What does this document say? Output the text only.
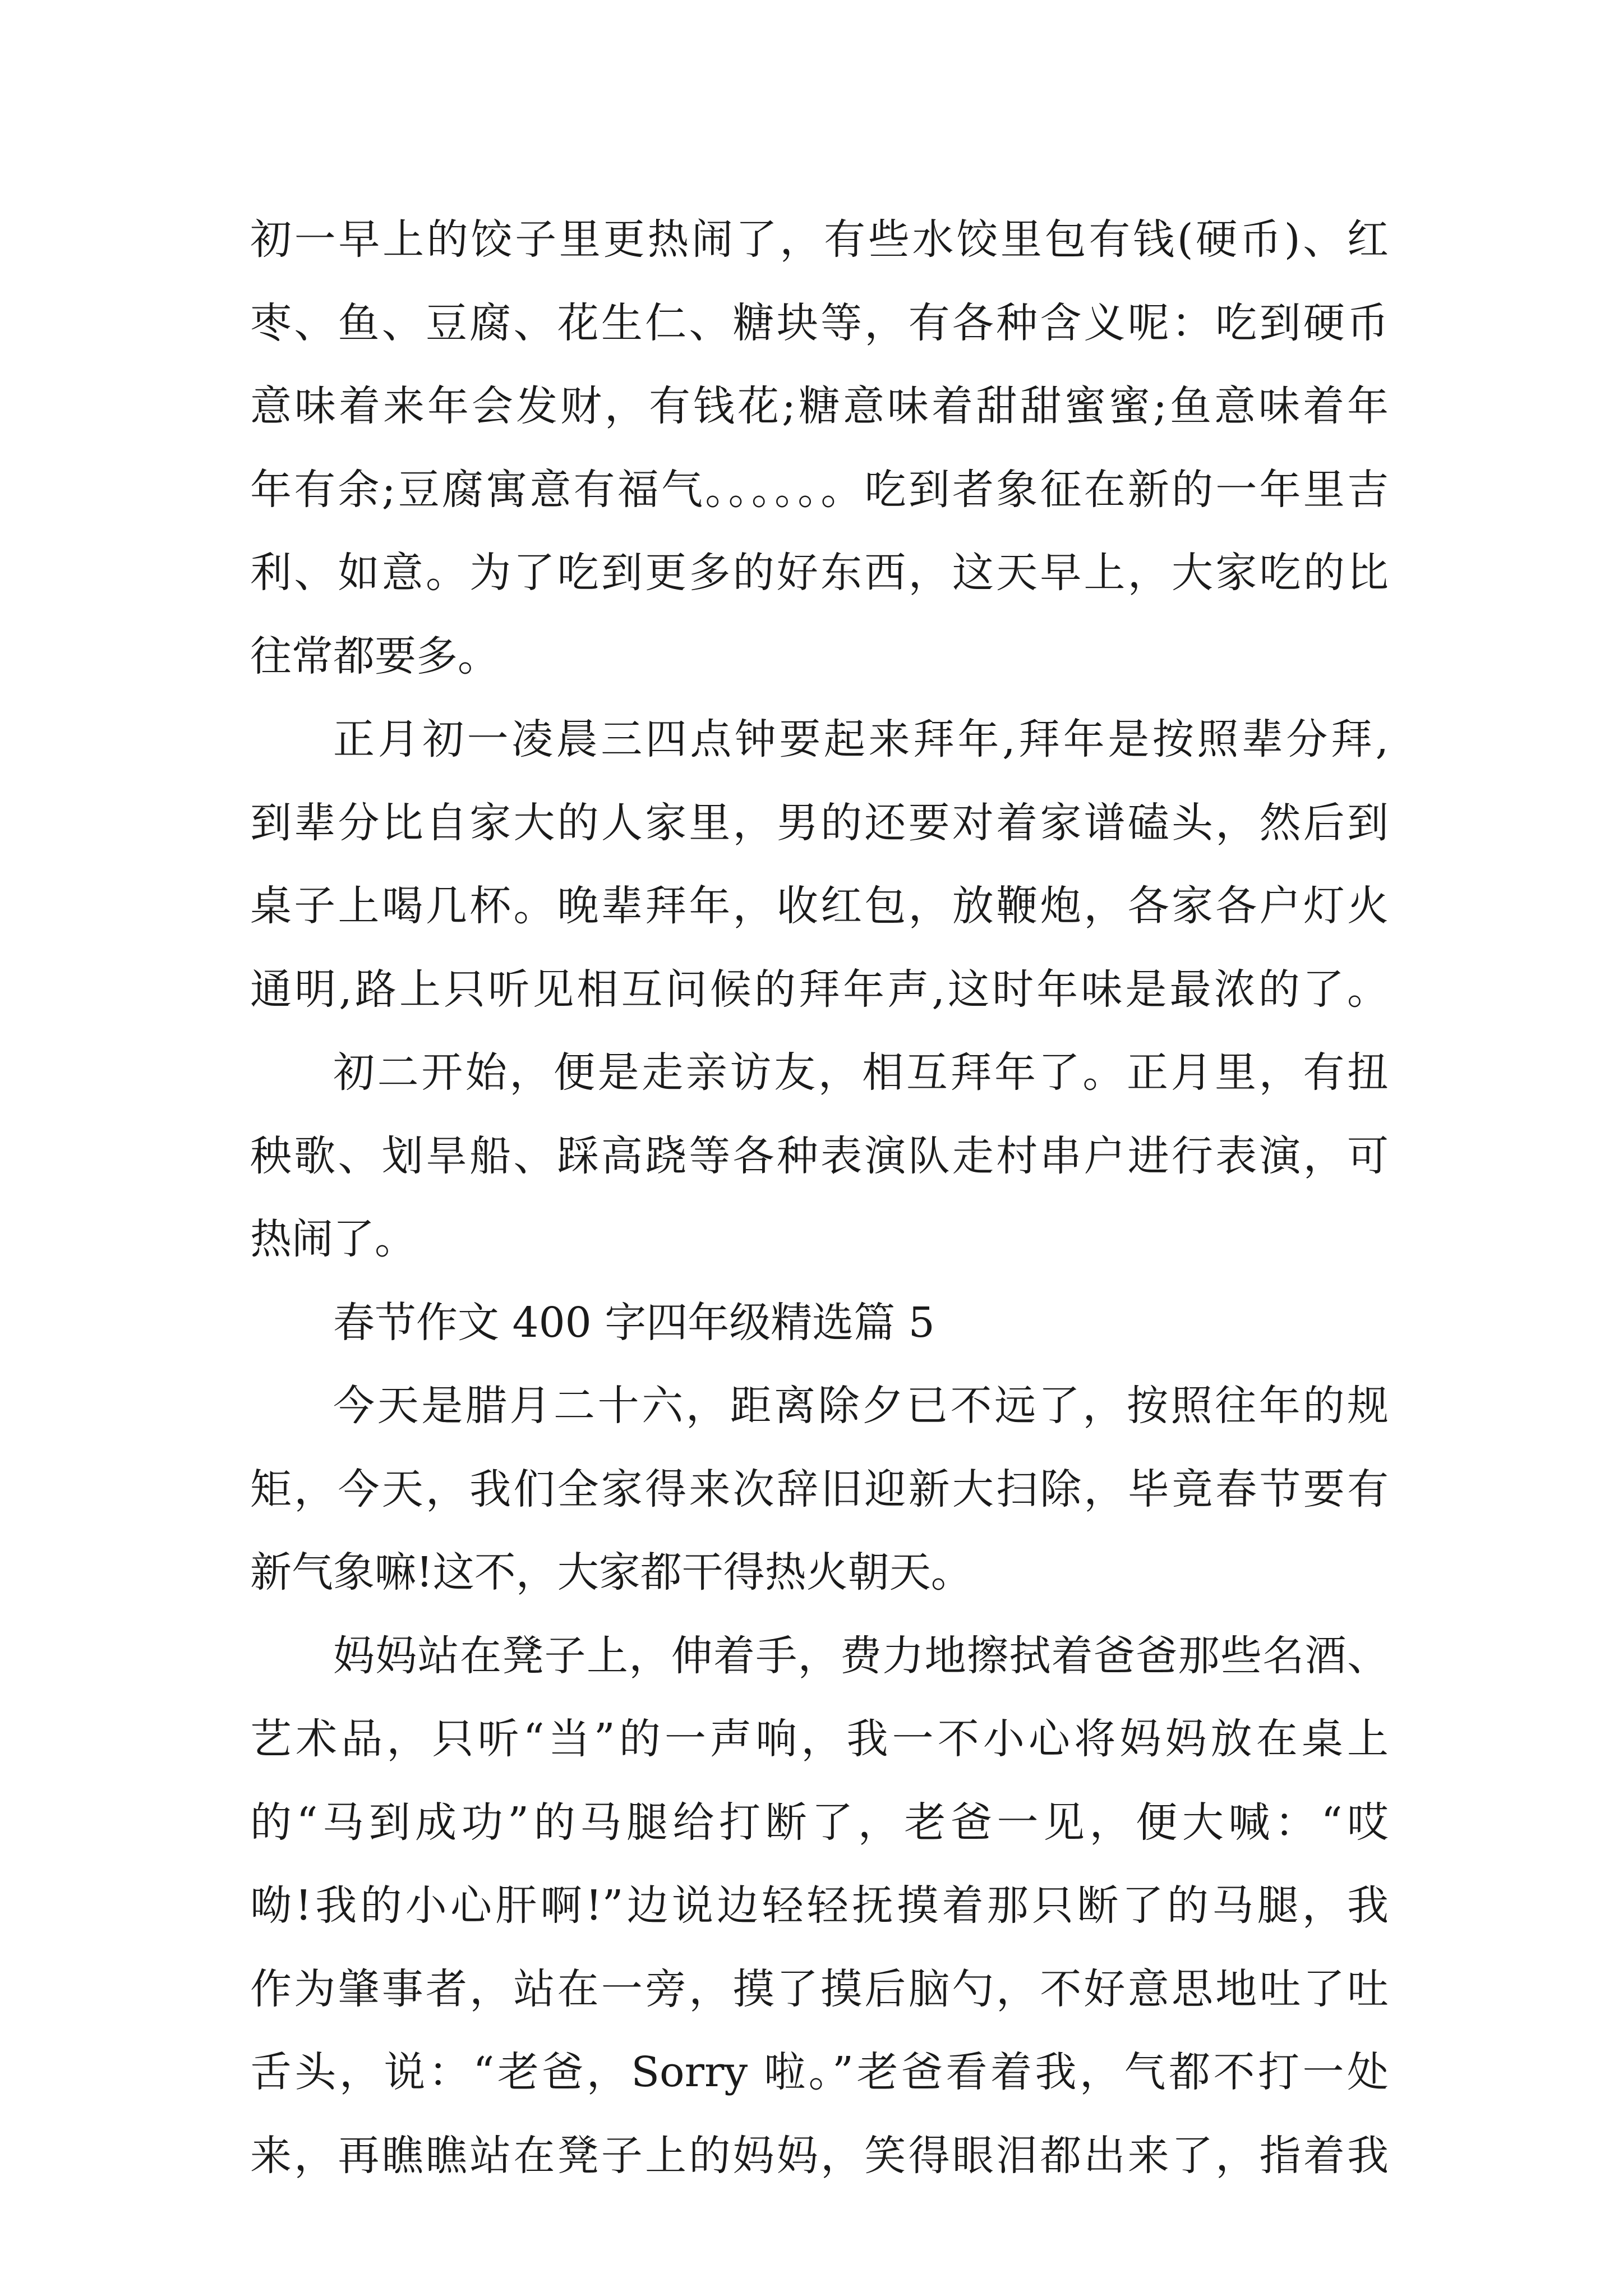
初一早上的饺子里更热闹了，有些水饺里包有钱(硬币)、红
枣、鱼、豆腐、花生仁、糖块等，有各种含义呢：吃到硬币
意味着来年会发财，有钱花;糖意味着甜甜蜜蜜;鱼意味着年
年有余;豆腐寓意有福气。。。。。。吃到者象征在新的一年里吉
利、如意。为了吃到更多的好东西，这天早上，大家吃的比
往常都要多。

正月初一凌晨三四点钟要起来拜年,拜年是按照辈分拜,
到辈分比自家大的人家里，男的还要对着家谱磕头，然后到
桌子上喝几杯。晚辈拜年，收红包，放鞭炮，各家各户灯火
通明,路上只听见相互问候的拜年声,这时年味是最浓的了。

初二开始，便是走亲访友，相互拜年了。正月里，有扭
秧歌、划旱船、踩高跷等各种表演队走村串户进行表演，可
热闹了。

春节作文 400 字四年级精选篇 5

今天是腊月二十六，距离除夕已不远了，按照往年的规
矩，今天，我们全家得来次辞旧迎新大扫除，毕竟春节要有
新气象嘛!这不，大家都干得热火朝天。

妈妈站在凳子上，伸着手，费力地擦拭着爸爸那些名酒、
艺术品，只听“当”的一声响，我一不小心将妈妈放在桌上
的“马到成功”的马腿给打断了，老爸一见，便大喊：“哎
呦!我的小心肝啊!”边说边轻轻抚摸着那只断了的马腿，我
作为肇事者，站在一旁，摸了摸后脑勺，不好意思地吐了吐
舌头，说：“老爸，Sorry 啦。”老爸看着我，气都不打一处
来，再瞧瞧站在凳子上的妈妈，笑得眼泪都出来了，指着我
